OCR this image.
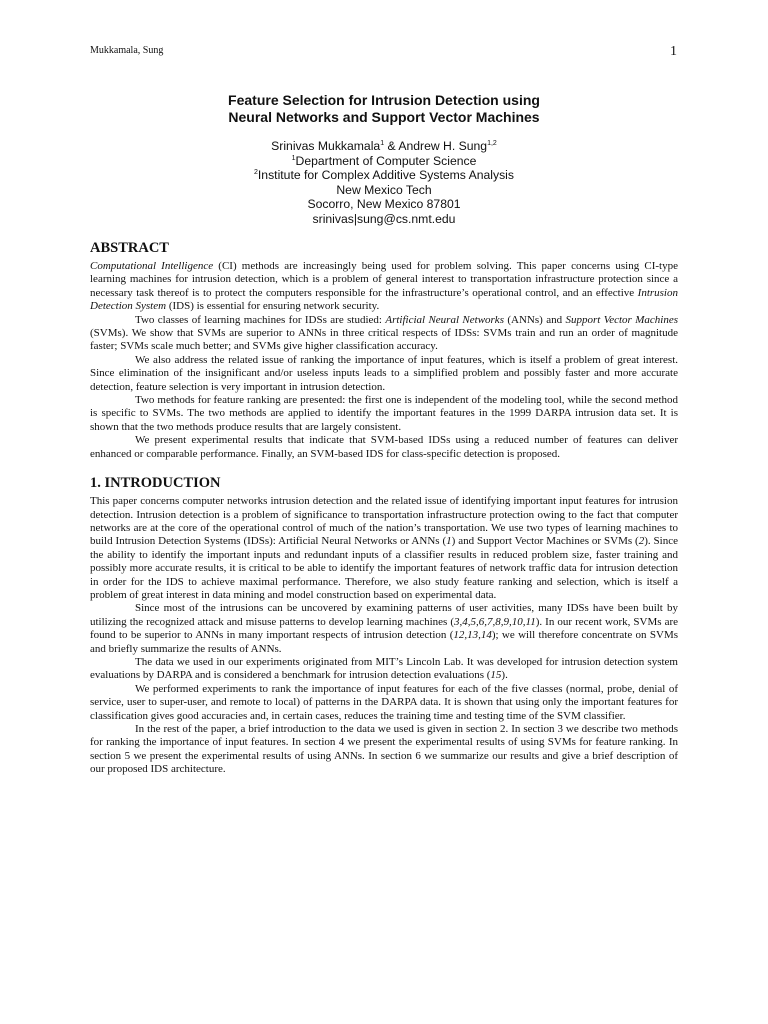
Mukkamala, Sung	1
Feature Selection for Intrusion Detection using
Neural Networks and Support Vector Machines
Srinivas Mukkamala$^1$ & Andrew H. Sung$^{1,2}$
$^1$Department of Computer Science
$^2$Institute for Complex Additive Systems Analysis
New Mexico Tech
Socorro, New Mexico 87801
srinivas|sung@cs.nmt.edu
ABSTRACT

Computational Intelligence (CI) methods are increasingly being used for problem solving. This paper concerns using CI-type learning machines for intrusion detection, which is a problem of general interest to transportation infrastructure protection since a necessary task thereof is to protect the computers responsible for the infrastructure’s operational control, and an effective Intrusion Detection System (IDS) is essential for ensuring network security.

Two classes of learning machines for IDSs are studied: Artificial Neural Networks (ANNs) and Support Vector Machines (SVMs). We show that SVMs are superior to ANNs in three critical respects of IDSs: SVMs train and run an order of magnitude faster; SVMs scale much better; and SVMs give higher classification accuracy.

We also address the related issue of ranking the importance of input features, which is itself a problem of great interest. Since elimination of the insignificant and/or useless inputs leads to a simplified problem and possibly faster and more accurate detection, feature selection is very important in intrusion detection.

Two methods for feature ranking are presented: the first one is independent of the modeling tool, while the second method is specific to SVMs. The two methods are applied to identify the important features in the 1999 DARPA intrusion data set. It is shown that the two methods produce results that are largely consistent.

We present experimental results that indicate that SVM-based IDSs using a reduced number of features can deliver enhanced or comparable performance. Finally, an SVM-based IDS for class-specific detection is proposed.

1. INTRODUCTION

This paper concerns computer networks intrusion detection and the related issue of identifying important input features for intrusion detection. Intrusion detection is a problem of significance to transportation infrastructure protection owing to the fact that computer networks are at the core of the operational control of much of the nation’s transportation. We use two types of learning machines to build Intrusion Detection Systems (IDSs): Artificial Neural Networks or ANNs (1) and Support Vector Machines or SVMs (2). Since the ability to identify the important inputs and redundant inputs of a classifier results in reduced problem size, faster training and possibly more accurate results, it is critical to be able to identify the important features of network traffic data for intrusion detection in order for the IDS to achieve maximal performance. Therefore, we also study feature ranking and selection, which is itself a problem of great interest in data mining and model construction based on experimental data.

Since most of the intrusions can be uncovered by examining patterns of user activities, many IDSs have been built by utilizing the recognized attack and misuse patterns to develop learning machines (3,4,5,6,7,8,9,10,11). In our recent work, SVMs are found to be superior to ANNs in many important respects of intrusion detection (12,13,14); we will therefore concentrate on SVMs and briefly summarize the results of ANNs.

The data we used in our experiments originated from MIT’s Lincoln Lab. It was developed for intrusion detection system evaluations by DARPA and is considered a benchmark for intrusion detection evaluations (15).

We performed experiments to rank the importance of input features for each of the five classes (normal, probe, denial of service, user to super-user, and remote to local) of patterns in the DARPA data. It is shown that using only the important features for classification gives good accuracies and, in certain cases, reduces the training time and testing time of the SVM classifier.

In the rest of the paper, a brief introduction to the data we used is given in section 2. In section 3 we describe two methods for ranking the importance of input features. In section 4 we present the experimental results of using SVMs for feature ranking. In section 5 we present the experimental results of using ANNs. In section 6 we summarize our results and give a brief description of our proposed IDS architecture.
